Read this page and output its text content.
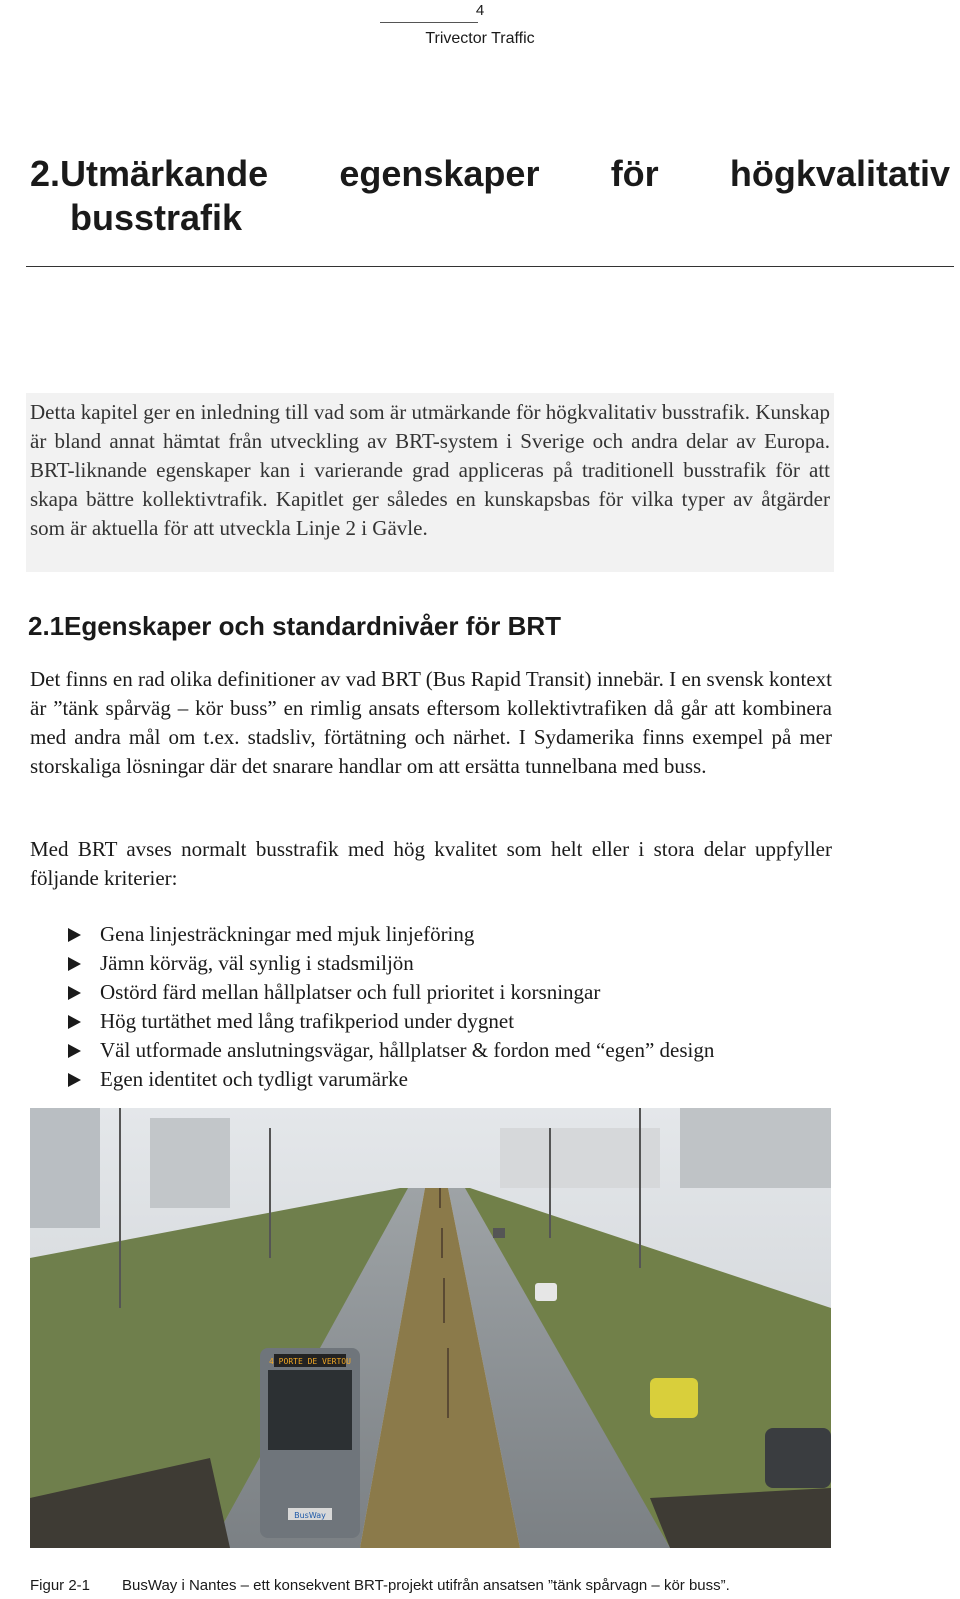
4
Trivector Traffic
2.Utmärkande egenskaper för högkvalitativ
busstrafik
Detta kapitel ger en inledning till vad som är utmärkande för högkvalitativ busstrafik. Kunskap är bland annat hämtat från utveckling av BRT-system i Sverige och andra delar av Europa. BRT-liknande egenskaper kan i varierande grad appliceras på traditionell busstrafik för att skapa bättre kollektivtrafik. Kapitlet ger således en kunskapsbas för vilka typer av åtgärder som är aktuella för att utveckla Linje 2 i Gävle.
2.1Egenskaper och standardnivåer för BRT
Det finns en rad olika definitioner av vad BRT (Bus Rapid Transit) innebär. I en svensk kontext är ”tänk spårväg – kör buss” en rimlig ansats eftersom kollektivtrafiken då går att kombinera med andra mål om t.ex. stadsliv, förtätning och närhet. I Sydamerika finns exempel på mer storskaliga lösningar där det snarare handlar om att ersätta tunnelbana med buss.
Med BRT avses normalt busstrafik med hög kvalitet som helt eller i stora delar uppfyller följande kriterier:
Gena linjesträckningar med mjuk linjeföring
Jämn körväg, väl synlig i stadsmiljön
Ostörd färd mellan hållplatser och full prioritet i korsningar
Hög turtäthet med lång trafikperiod under dygnet
Väl utformade anslutningsvägar, hållplatser & fordon med “egen” design
Egen identitet och tydligt varumärke
4 PORTE DE VERTOU
BusWay
Figur 2-1 BusWay i Nantes – ett konsekvent BRT-projekt utifrån ansatsen ”tänk spårvagn – kör buss”.
